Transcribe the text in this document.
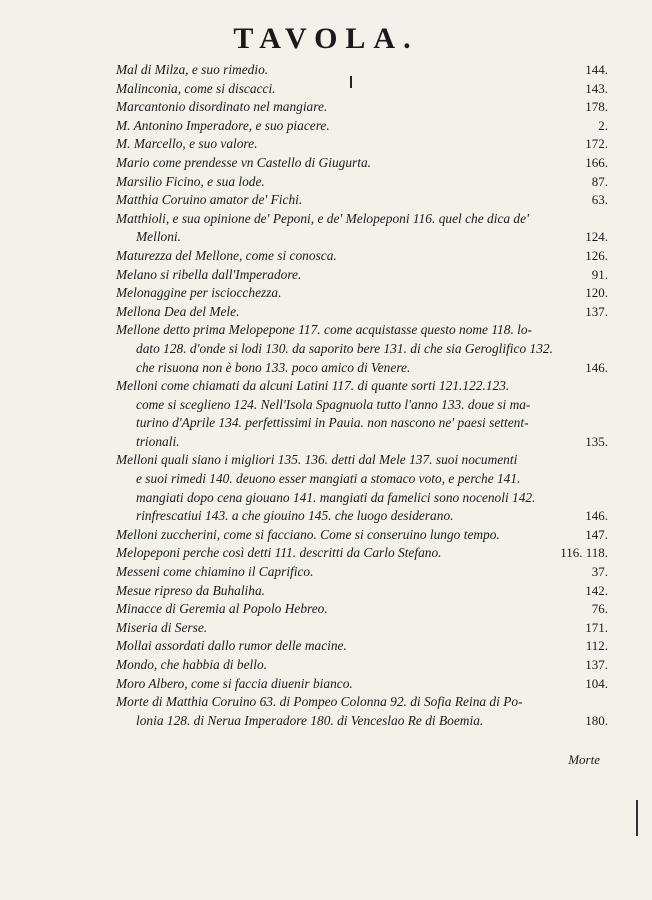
TAVOLA.
Mal di Milza, e suo rimedio.	144.
Malinconia, come si discacci.	143.
Marcantonio disordinato nel mangiare.	178.
M. Antonino Imperadore, e suo piacere.	2.
M. Marcello, e suo valore.	172.
Mario come prendesse vn Castello di Giugurta.	166.
Marsilio Ficino, e sua lode.	87.
Matthia Coruino amator de' Fichi.	63.
Matthioli, e sua opinione de' Peponi, e de' Melopeponi 116. quel che dica de'
Melloni.	124.
Maturezza del Mellone, come si conosca.	126.
Melano si ribella dall'Imperadore.	91.
Melonaggine per isciocchezza.	120.
Mellona Dea del Mele.	137.
Mellone detto prima Melopepone 117. come acquistasse questo nome 118. lo-
dato 128. d'onde si lodi 130. da saporito bere 131. di che sia Geroglifico 132.
che risuona non è bono 133. poco amico di Venere.	146.
Melloni come chiamati da alcuni Latini 117. di quante sorti 121.122.123.
come si sceglieno 124. Nell'Isola Spagnuola tutto l'anno 133. doue si ma-
turino d'Aprile 134. perfettissimi in Pauia. non nascono ne' paesi settent-
trionali.	135.
Melloni quali siano i migliori 135. 136. detti dal Mele 137. suoi nocumenti
e suoi rimedi 140. deuono esser mangiati a stomaco voto, e perche 141.
mangiati dopo cena giouano 141. mangiati da famelici sono nocenoli 142.
rinfrescatiui 143. a che giouino 145. che luogo desiderano.	146.
Melloni zuccherini, come si facciano. Come si conseruino lungo tempo.	147.
Melopeponi perche così detti 111. descritti da Carlo Stefano.	116. 118.
Messeni come chiamino il Caprifico.	37.
Mesue ripreso da Buhaliha.	142.
Minacce di Geremia al Popolo Hebreo.	76.
Miseria di Serse.	171.
Mollai assordati dallo rumor delle macine.	112.
Mondo, che habbia di bello.	137.
Moro Albero, come si faccia diuenir bianco.	104.
Morte di Matthia Coruino 63. di Pompeo Colonna 92. di Sofia Reina di Po-
lonia 128. di Nerua Imperadore 180. di Venceslao Re di Boemia.	180.
Morte
